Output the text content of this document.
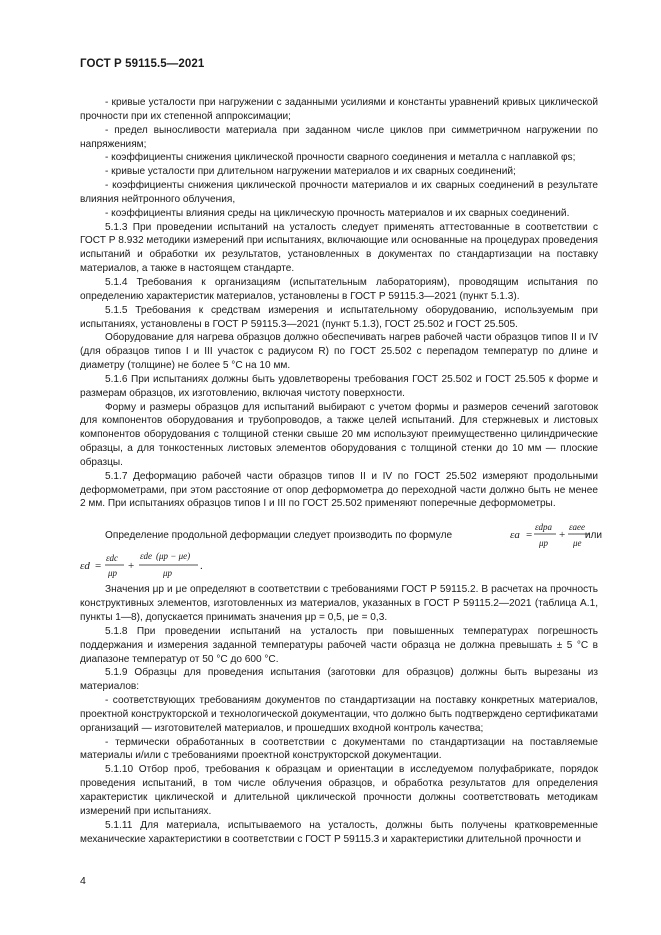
ГОСТ Р 59115.5—2021

- кривые усталости при нагружении с заданными усилиями и константы уравнений кривых циклической прочности при их степенной аппроксимации;

- предел выносливости материала при заданном числе циклов при симметричном нагружении по напряжениям;

- коэффициенты снижения циклической прочности сварного соединения и металла с наплавкой φs;

- кривые усталости при длительном нагружении материалов и их сварных соединений;

- коэффициенты снижения циклической прочности материалов и их сварных соединений в результате влияния нейтронного облучения,

- коэффициенты влияния среды на циклическую прочность материалов и их сварных соединений.

5.1.3 При проведении испытаний на усталость следует применять аттестованные в соответствии с ГОСТ Р 8.932 методики измерений при испытаниях, включающие или основанные на процедурах проведения испытаний и обработки их результатов, установленных в документах по стандартизации на поставку материалов, а также в настоящем стандарте.

5.1.4 Требования к организациям (испытательным лабораториям), проводящим испытания по определению характеристик материалов, установлены в ГОСТ Р 59115.3—2021 (пункт 5.1.3).

5.1.5 Требования к средствам измерения и испытательному оборудованию, используемым при испытаниях, установлены в ГОСТ Р 59115.3—2021 (пункт 5.1.3), ГОСТ 25.502 и ГОСТ 25.505.

Оборудование для нагрева образцов должно обеспечивать нагрев рабочей части образцов типов II и IV (для образцов типов I и III участок с радиусом R) по ГОСТ 25.502 с перепадом температур по длине и диаметру (толщине) не более 5 °С на 10 мм.

5.1.6 При испытаниях должны быть удовлетворены требования ГОСТ 25.502 и ГОСТ 25.505 к форме и размерам образцов, их изготовлению, включая чистоту поверхности.

Форму и размеры образцов для испытаний выбирают с учетом формы и размеров сечений заготовок для компонентов оборудования и трубопроводов, а также целей испытаний. Для стержневых и листовых компонентов оборудования с толщиной стенки свыше 20 мм используют преимущественно цилиндрические образцы, а для тонкостенных листовых элементов оборудования с толщиной стенки до 10 мм — плоские образцы.

5.1.7 Деформацию рабочей части образцов типов II и IV по ГОСТ 25.502 измеряют продольными деформометрами, при этом расстояние от опор деформометра до переходной части должно быть не менее 2 мм. При испытаниях образцов типов I и III по ГОСТ 25.502 применяют поперечные деформометры.

Определение продольной деформации следует производить по формуле	εa =
εdpa
μp
+
εaee
μe
или
εd =
εdc
μp
+
εde (μp − μe)
μp
.

Значения μp и μe определяют в соответствии с требованиями ГОСТ Р 59115.2. В расчетах на прочность конструктивных элементов, изготовленных из материалов, указанных в ГОСТ Р 59115.2—2021 (таблица А.1, пункты 1—8), допускается принимать значения μp = 0,5, μe = 0,3.

5.1.8 При проведении испытаний на усталость при повышенных температурах погрешность поддержания и измерения заданной температуры рабочей части образца не должна превышать ± 5 °С в диапазоне температур от 50 °С до 600 °С.

5.1.9 Образцы для проведения испытания (заготовки для образцов) должны быть вырезаны из материалов:

- соответствующих требованиям документов по стандартизации на поставку конкретных материалов, проектной конструкторской и технологической документации, что должно быть подтверждено сертификатами организаций — изготовителей материалов, и прошедших входной контроль качества;

- термически обработанных в соответствии с документами по стандартизации на поставляемые материалы и/или с требованиями проектной конструкторской документации.

5.1.10 Отбор проб, требования к образцам и ориентации в исследуемом полуфабрикате, порядок проведения испытаний, в том числе облучения образцов, и обработка результатов для определения характеристик циклической и длительной циклической прочности должны соответствовать методикам измерений при испытаниях.

5.1.11 Для материала, испытываемого на усталость, должны быть получены кратковременные механические характеристики в соответствии с ГОСТ Р 59115.3 и характеристики длительной прочности и

4
